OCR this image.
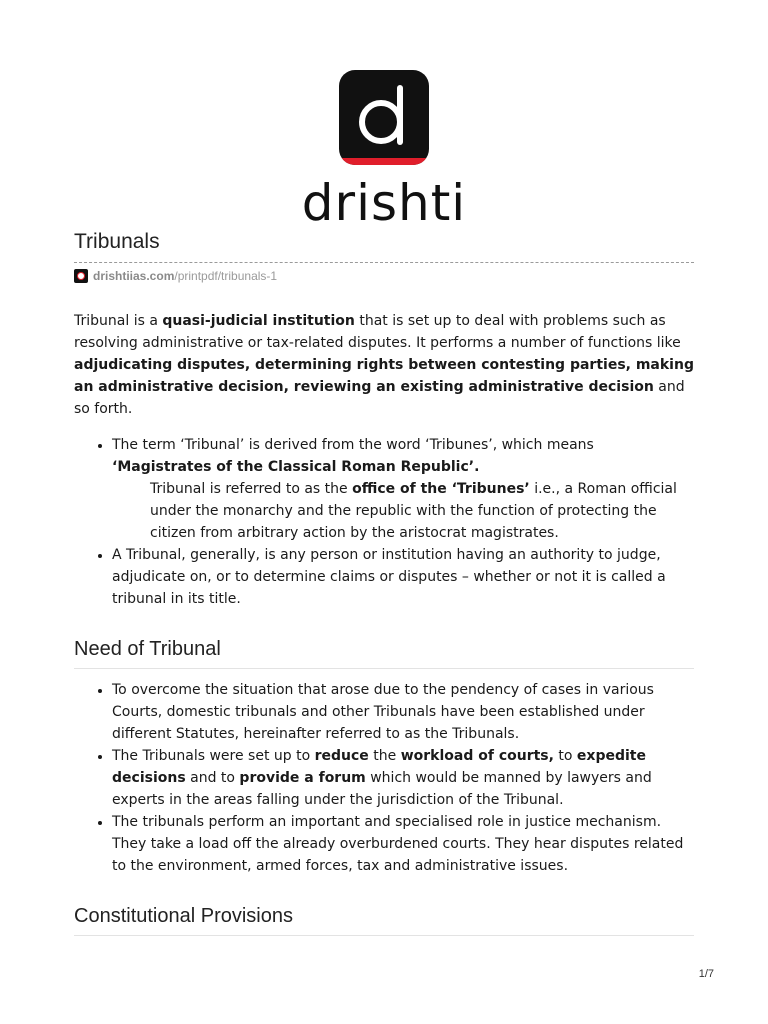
drishti
Tribunals
drishtiias.com /printpdf/tribunals-1

Tribunal is a quasi-judicial institution that is set up to deal with problems such as resolving administrative or tax-related disputes. It performs a number of functions like adjudicating disputes, determining rights between contesting parties, making an administrative decision, reviewing an existing administrative decision and so forth.

• The term ‘Tribunal’ is derived from the word ‘Tribunes’, which means ‘Magistrates of the Classical Roman Republic’.
Tribunal is referred to as the office of the ‘Tribunes’ i.e., a Roman official under the monarchy and the republic with the function of protecting the citizen from arbitrary action by the aristocrat magistrates.
• A Tribunal, generally, is any person or institution having an authority to judge, adjudicate on, or to determine claims or disputes – whether or not it is called a tribunal in its title.
Need of Tribunal
• To overcome the situation that arose due to the pendency of cases in various Courts, domestic tribunals and other Tribunals have been established under different Statutes, hereinafter referred to as the Tribunals.
• The Tribunals were set up to reduce the workload of courts, to expedite decisions and to provide a forum which would be manned by lawyers and experts in the areas falling under the jurisdiction of the Tribunal.
• The tribunals perform an important and specialised role in justice mechanism. They take a load off the already overburdened courts. They hear disputes related to the environment, armed forces, tax and administrative issues.
Constitutional Provisions
1/7
